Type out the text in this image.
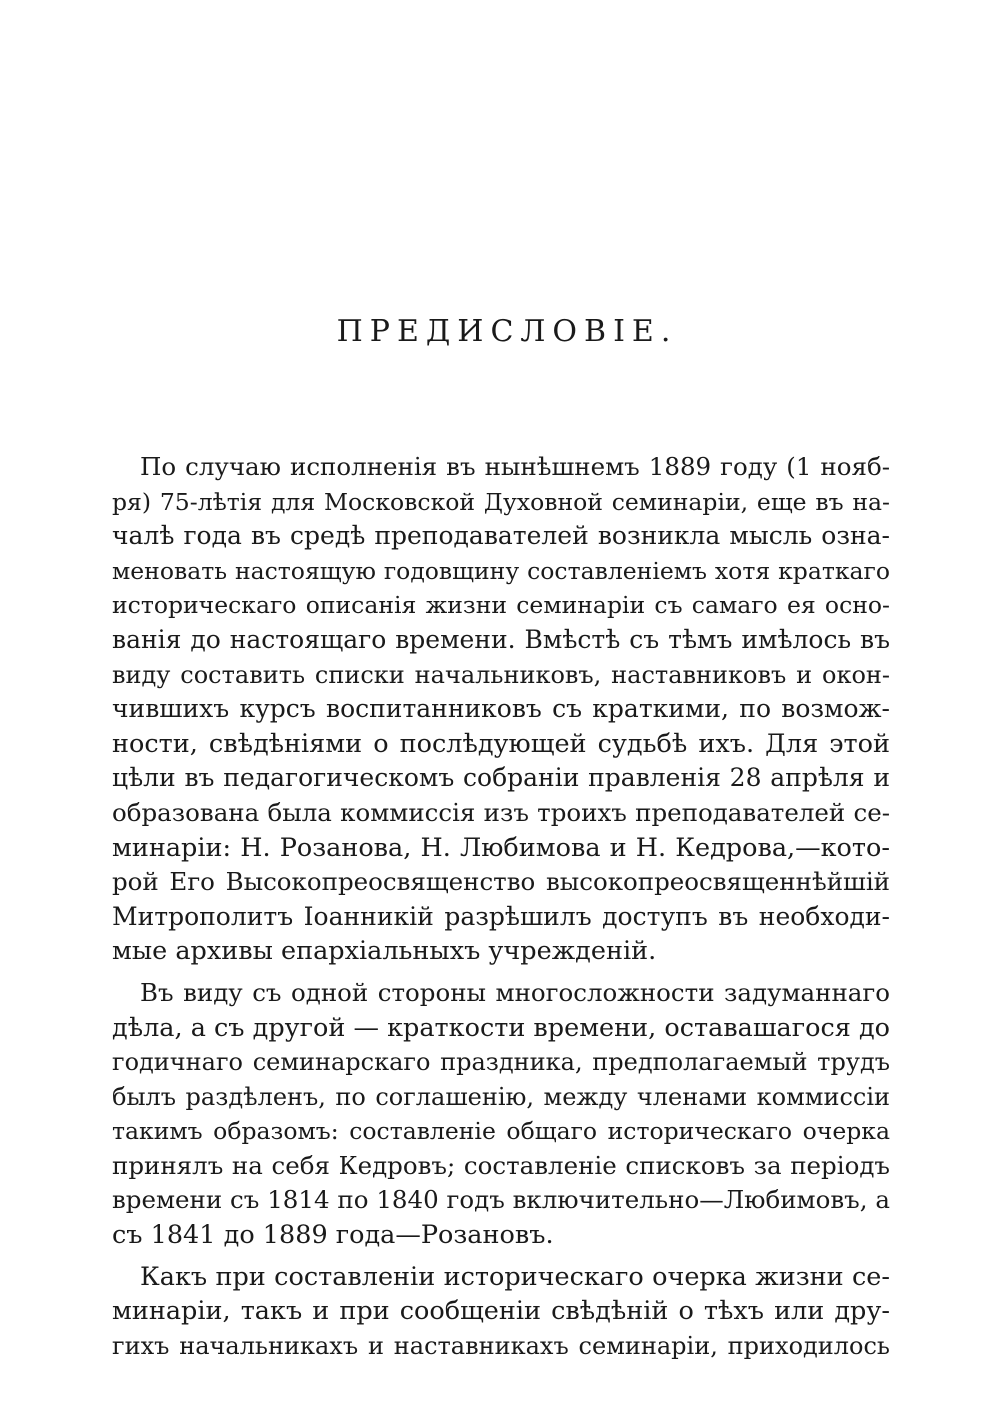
ПРЕДИСЛОВІЕ.
По случаю исполненія въ нынѣшнемъ 1889 году (1 нояб-
ря) 75-лѣтія для Московской Духовной семинаріи, еще въ на-
чалѣ года въ средѣ преподавателей возникла мысль озна-
меновать настоящую годовщину составленіемъ хотя краткаго
историческаго описанія жизни семинаріи съ самаго ея осно-
ванія до настоящаго времени. Вмѣстѣ съ тѣмъ имѣлось въ
виду составить списки начальниковъ, наставниковъ и окон-
чившихъ курсъ воспитанниковъ съ краткими, по возмож-
ности, свѣдѣніями о послѣдующей судьбѣ ихъ. Для этой
цѣли въ педагогическомъ собраніи правленія 28 апрѣля и
образована была коммиссія изъ троихъ преподавателей се-
минаріи: Н. Розанова, Н. Любимова и Н. Кедрова,—кото-
рой Его Высокопреосвященство высокопреосвященнѣйшій
Митрополитъ Іоанникій разрѣшилъ доступъ въ необходи-
мые архивы епархіальныхъ учрежденій.
Въ виду съ одной стороны многосложности задуманнаго
дѣла, а съ другой — краткости времени, оставашагося до
годичнаго семинарскаго праздника, предполагаемый трудъ
былъ раздѣленъ, по соглашенію, между членами коммиссіи
такимъ образомъ: составленіе общаго историческаго очерка
принялъ на себя Кедровъ; составленіе списковъ за періодъ
времени съ 1814 по 1840 годъ включительно—Любимовъ, а
съ 1841 до 1889 года—Розановъ.
Какъ при составленіи историческаго очерка жизни се-
минаріи, такъ и при сообщеніи свѣдѣній о тѣхъ или дру-
гихъ начальникахъ и наставникахъ семинаріи, приходилось
